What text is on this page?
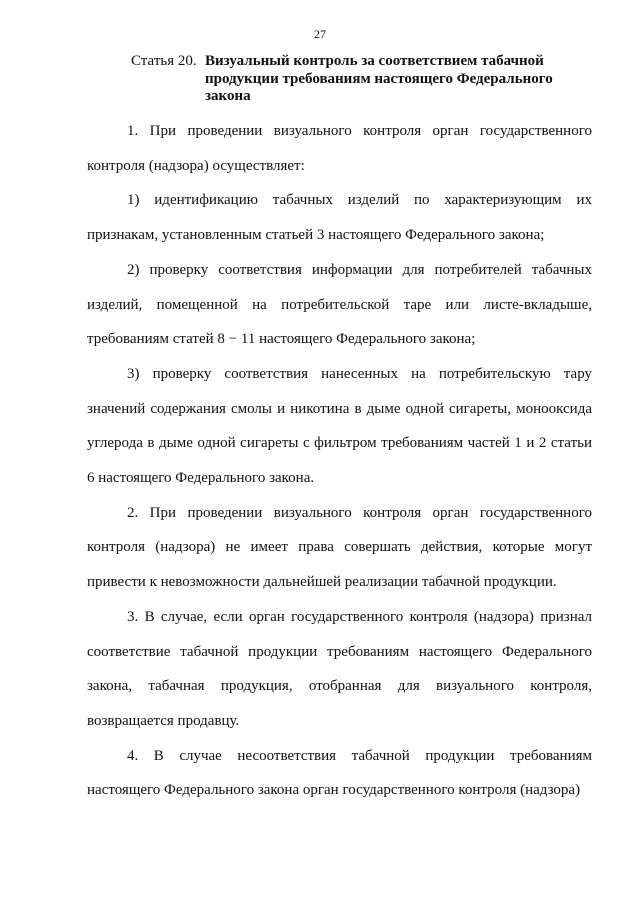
27
Статья 20. Визуальный контроль за соответствием табачной продукции требованиям настоящего Федерального закона

1. При проведении визуального контроля орган государственного контроля (надзора) осуществляет:

1) идентификацию табачных изделий по характеризующим их признакам, установленным статьей 3 настоящего Федерального закона;

2) проверку соответствия информации для потребителей табачных изделий, помещенной на потребительской таре или листе-вкладыше, требованиям статей 8 − 11 настоящего Федерального закона;

3) проверку соответствия нанесенных на потребительскую тару значений содержания смолы и никотина в дыме одной сигареты, монооксида углерода в дыме одной сигареты с фильтром требованиям частей 1 и 2 статьи 6 настоящего Федерального закона.

2. При проведении визуального контроля орган государственного контроля (надзора) не имеет права совершать действия, которые могут привести к невозможности дальнейшей реализации табачной продукции.

3. В случае, если орган государственного контроля (надзора) признал соответствие табачной продукции требованиям настоящего Федерального закона, табачная продукция, отобранная для визуального контроля, возвращается продавцу.

4. В случае несоответствия табачной продукции требованиям настоящего Федерального закона орган государственного контроля (надзора)
